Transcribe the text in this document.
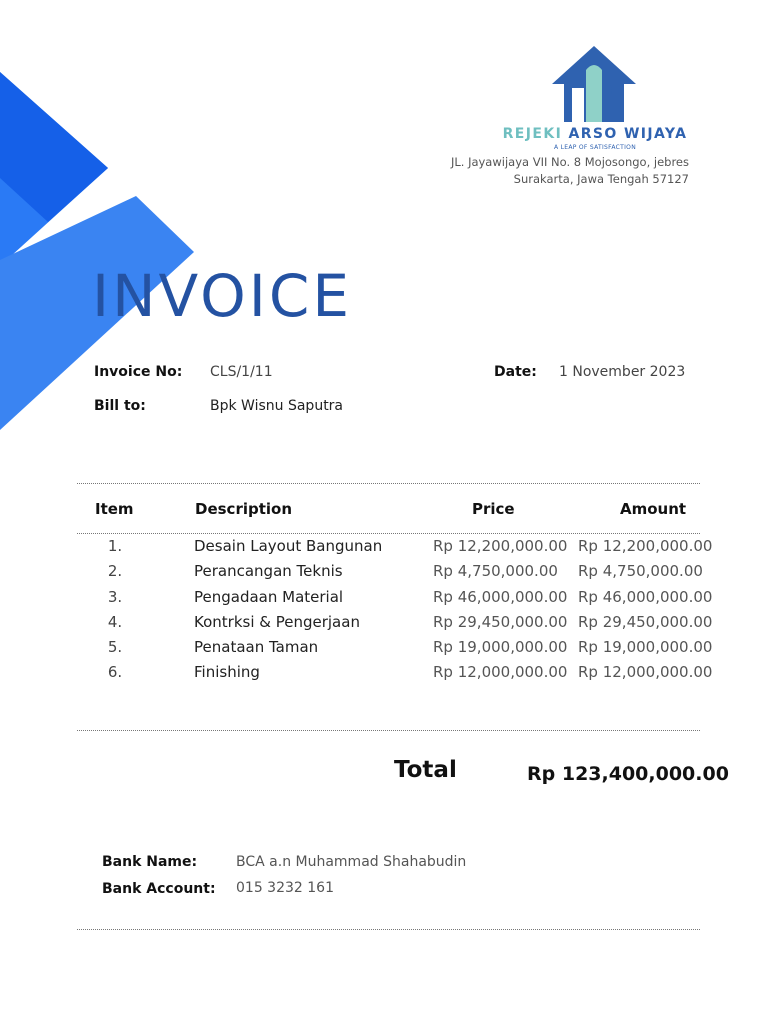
REJEKI ARSO WIJAYA
A LEAP OF SATISFACTION
JL. Jayawijaya VII No. 8 Mojosongo, jebres
Surakarta, Jawa Tengah 57127
INVOICE
Invoice No: CLS/1/11	Date: 1 November 2023
Bill to:	Bpk Wisnu Saputra
Item	Description	Price	Amount
1.	Desain Layout Bangunan	Rp 12,200,000.00 Rp 12,200,000.00
2.	Perancangan Teknis	Rp 4,750,000.00 Rp 4,750,000.00
3.	Pengadaan Material	Rp 46,000,000.00 Rp 46,000,000.00
4.	Kontrksi & Pengerjaan	Rp 29,450,000.00 Rp 29,450,000.00
5.	Penataan Taman	Rp 19,000,000.00 Rp 19,000,000.00
6.	Finishing	Rp 12,000,000.00 Rp 12,000,000.00
Total	Rp 123,400,000.00
Bank Name:	BCA a.n Muhammad Shahabudin
Bank Account: 015 3232 161
